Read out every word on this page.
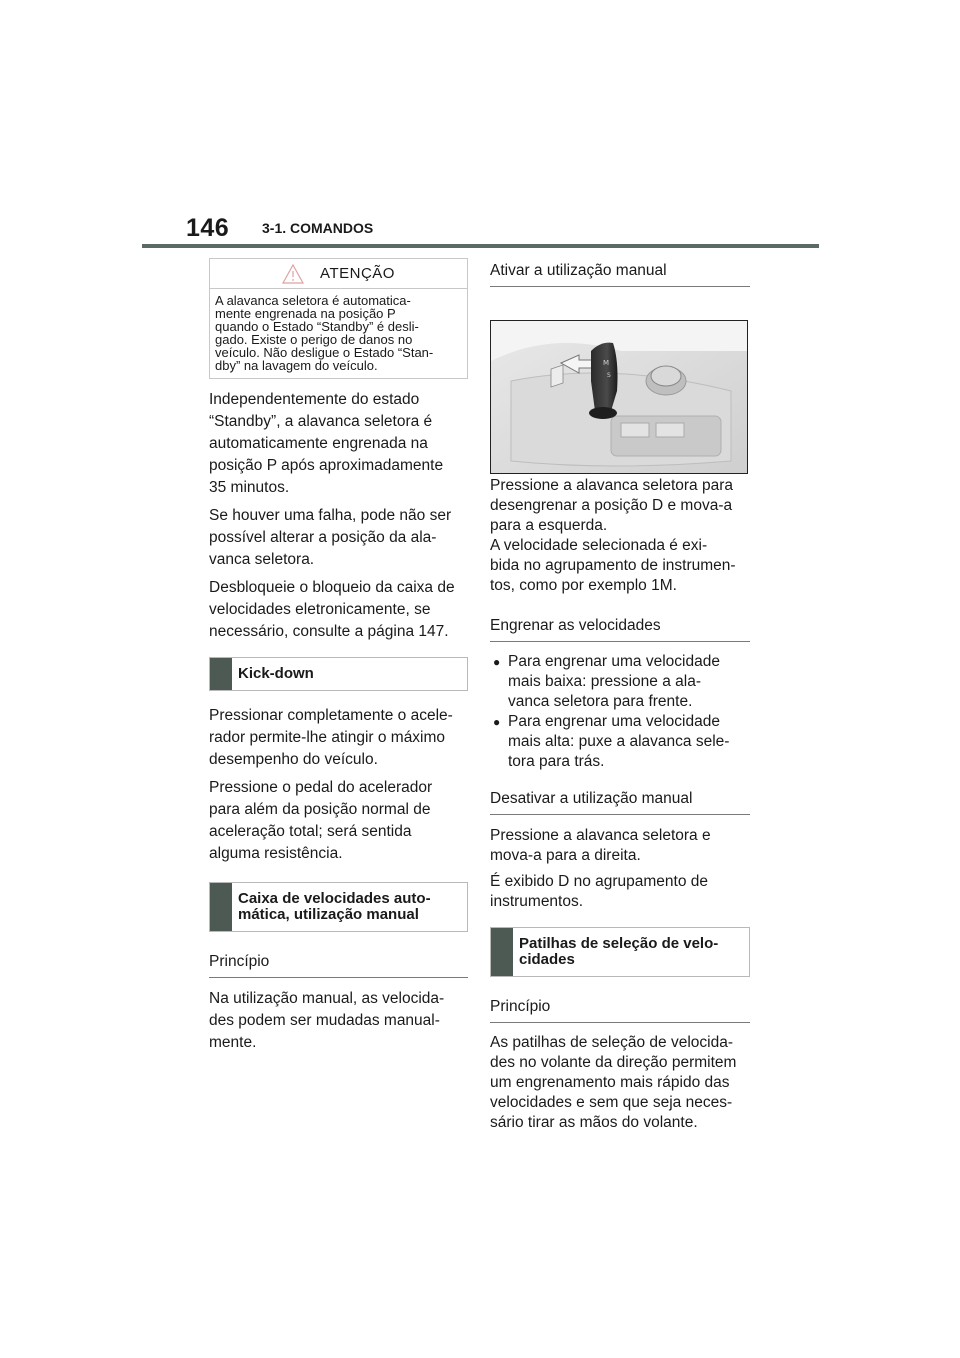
146 3-1. COMANDOS
ATENÇÃO
A alavanca seletora é automatica-
mente engrenada na posição P
quando o Estado “Standby” é desli-
gado. Existe o perigo de danos no
veículo. Não desligue o Estado “Stan-
dby” na lavagem do veículo.
Independentemente do estado
“Standby”, a alavanca seletora é
automaticamente engrenada na
posição P após aproximadamente
35 minutos.
Se houver uma falha, pode não ser
possível alterar a posição da ala-
vanca seletora.
Desbloqueie o bloqueio da caixa de
velocidades eletronicamente, se
necessário, consulte a página 147.
Kick-down
Pressionar completamente o acele-
rador permite-lhe atingir o máximo
desempenho do veículo.
Pressione o pedal do acelerador
para além da posição normal de
aceleração total; será sentida
alguma resistência.
Caixa de velocidades auto-
mática, utilização manual
Princípio
Na utilização manual, as velocida-
des podem ser mudadas manual-
mente.
Ativar a utilização manual
M
S
Pressione a alavanca seletora para
desengrenar a posição D e mova-a
para a esquerda.
A velocidade selecionada é exi-
bida no agrupamento de instrumen-
tos, como por exemplo 1M.
Engrenar as velocidades
● Para engrenar uma velocidade
mais baixa: pressione a ala-
vanca seletora para frente.
● Para engrenar uma velocidade
mais alta: puxe a alavanca sele-
tora para trás.
Desativar a utilização manual
Pressione a alavanca seletora e
mova-a para a direita.
É exibido D no agrupamento de
instrumentos.
Patilhas de seleção de velo-
cidades
Princípio
As patilhas de seleção de velocida-
des no volante da direção permitem
um engrenamento mais rápido das
velocidades e sem que seja neces-
sário tirar as mãos do volante.
